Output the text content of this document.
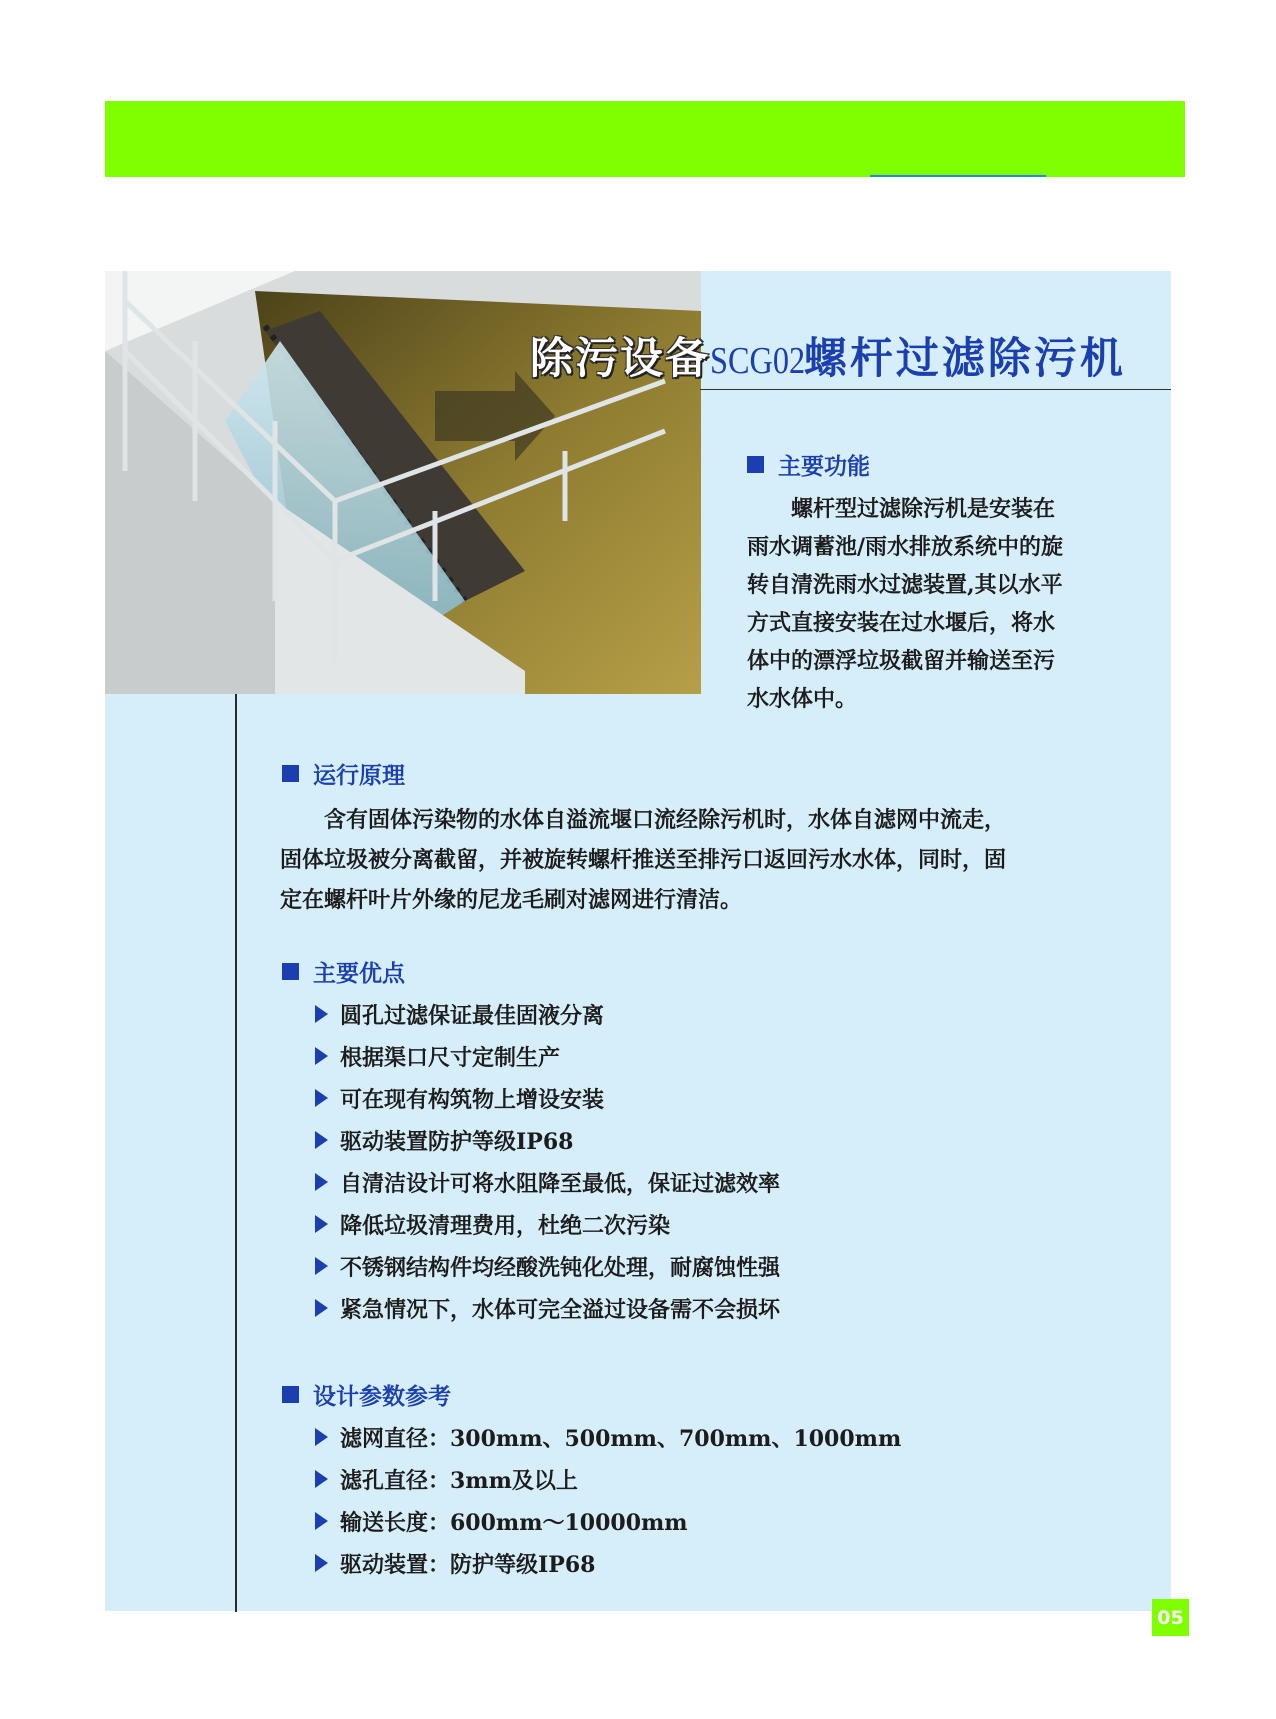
除污设备 SCG02
螺杆过滤除污机
主要功能
螺杆型过滤除污机是安装在
雨水调蓄池/雨水排放系统中的旋
转自清洗雨水过滤装置,其以水平
方式直接安装在过水堰后，将水
体中的漂浮垃圾截留并输送至污
水水体中。
运行原理
含有固体污染物的水体自溢流堰口流经除污机时，水体自滤网中流走，
固体垃圾被分离截留，并被旋转螺杆推送至排污口返回污水水体，同时，固
定在螺杆叶片外缘的尼龙毛刷对滤网进行清洁。
主要优点
圆孔过滤保证最佳固液分离
根据渠口尺寸定制生产
可在现有构筑物上增设安装
驱动装置防护等级IP68
自清洁设计可将水阻降至最低，保证过滤效率
降低垃圾清理费用，杜绝二次污染
不锈钢结构件均经酸洗钝化处理，耐腐蚀性强
紧急情况下，水体可完全溢过设备需不会损坏
设计参数参考
滤网直径：300mm、500mm、700mm、1000mm
滤孔直径：3mm及以上
输送长度：600mm～10000mm
驱动装置：防护等级IP68
05
